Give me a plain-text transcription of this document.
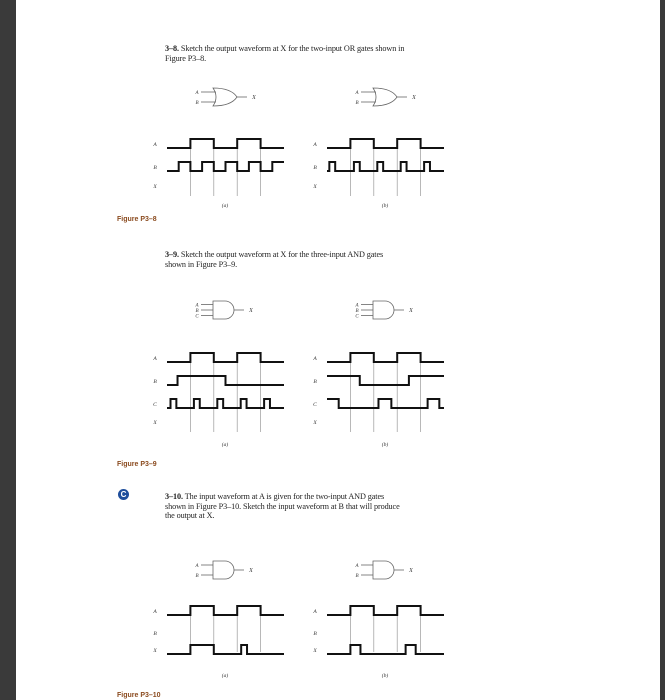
3–8. Sketch the output waveform at X for the two-input OR gates shown in
Figure P3–8.
Figure P3–8
3–9. Sketch the output waveform at X for the three-input AND gates
shown in Figure P3–9.
Figure P3–9
C	3–10. The input waveform at A is given for the two-input AND gates
shown in Figure P3–10. Sketch the input waveform at B that will produce
the output at X.
Figure P3–10
X
A
B
A
B
X
(a)
X
A
B
A
B
X
(b)
X
A
B
C
A
B
C
X
(a)
X
A
B
C
A
B
C
X
(b)
X
A
B
A
B
X
(a)
X
A
B
A
B
X
(b)
